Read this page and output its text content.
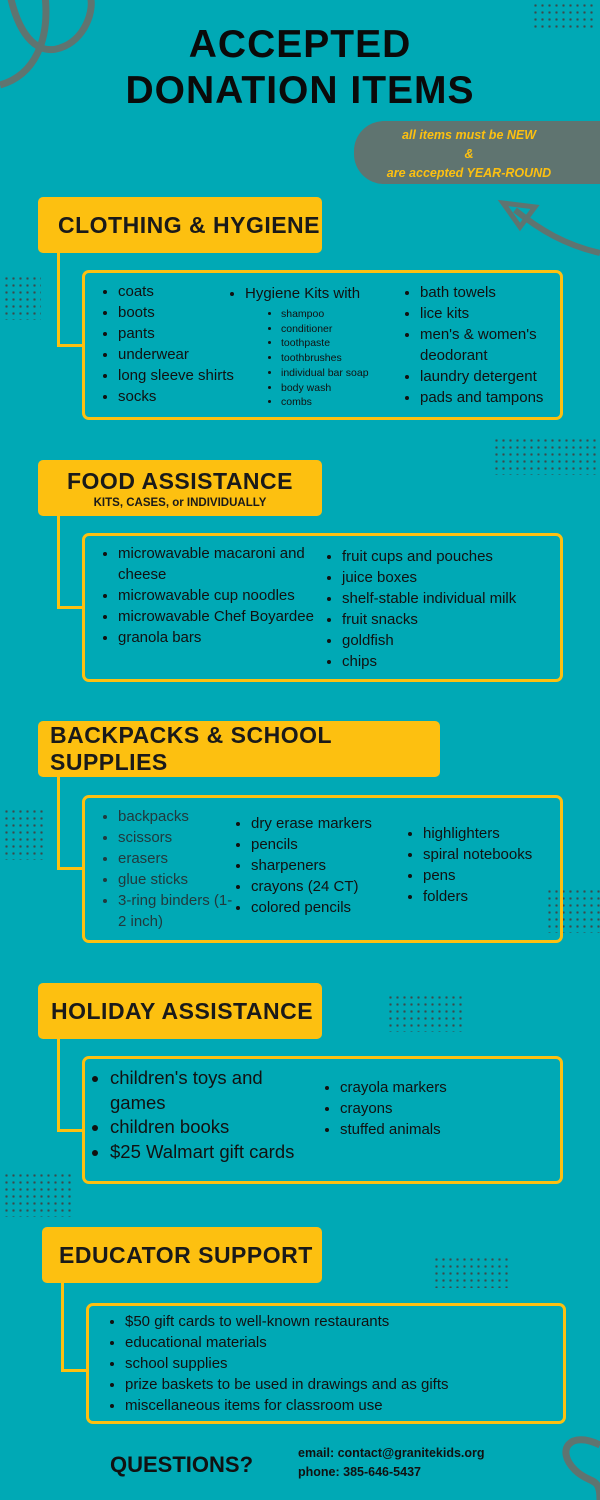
ACCEPTED
DONATION ITEMS
all items must be NEW
&
are accepted YEAR-ROUND
CLOTHING & HYGIENE
• coats
• boots
• pants
• underwear
• long sleeve shirts
• socks
• Hygiene Kits with
• shampoo
• conditioner
• toothpaste
• toothbrushes
• individual bar soap
• body wash
• combs
• bath towels
• lice kits
• men's & women's deodorant
• laundry detergent
• pads and tampons
FOOD ASSISTANCE
KITS, CASES, or INDIVIDUALLY
• microwavable macaroni and cheese
• microwavable cup noodles
• microwavable Chef Boyardee
• granola bars
• fruit cups and pouches
• juice boxes
• shelf-stable individual milk
• fruit snacks
• goldfish
• chips
BACKPACKS & SCHOOL SUPPLIES
• backpacks
• scissors
• erasers
• glue sticks
• 3-ring binders (1-2 inch)
• dry erase markers
• pencils
• sharpeners
• crayons (24 CT)
• colored pencils
• highlighters
• spiral notebooks
• pens
• folders
HOLIDAY ASSISTANCE
• children's toys and games
• children books
• $25 Walmart gift cards
• crayola markers
• crayons
• stuffed animals
EDUCATOR SUPPORT
• $50 gift cards to well-known restaurants
• educational materials
• school supplies
• prize baskets to be used in drawings and as gifts
• miscellaneous items for classroom use
QUESTIONS?	email: contact@granitekids.org
phone: 385-646-5437
